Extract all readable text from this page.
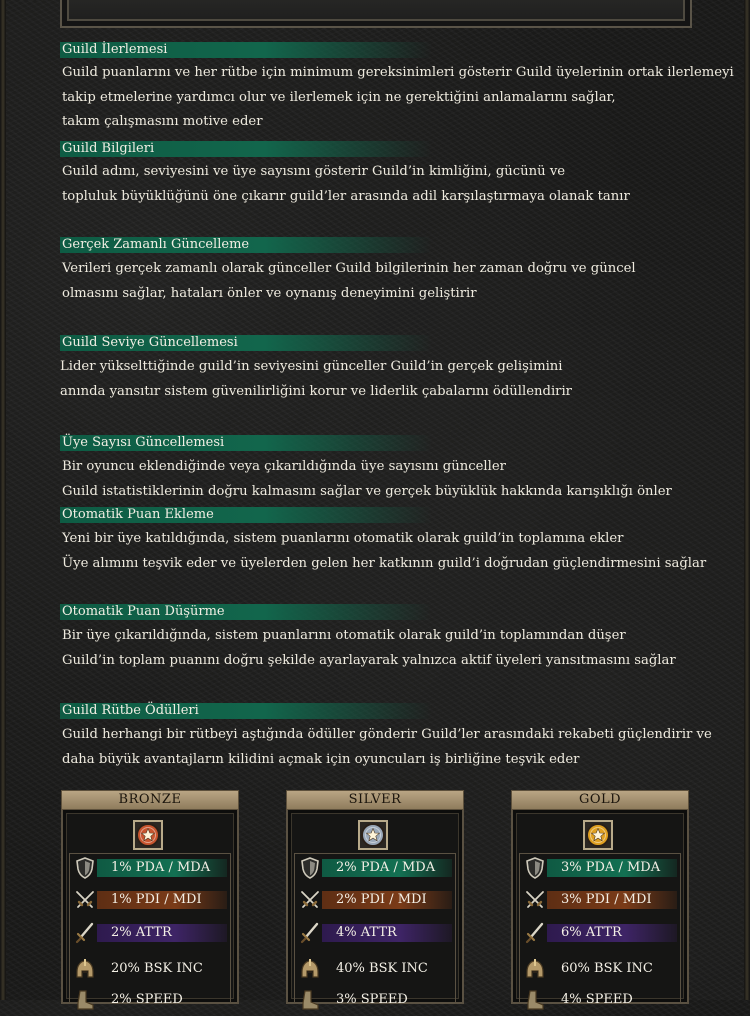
Guild İlerlemesi
Guild puanlarını ve her rütbe için minimum gereksinimleri gösterir Guild üyelerinin ortak ilerlemeyi
takip etmelerine yardımcı olur ve ilerlemek için ne gerektiğini anlamalarını sağlar,
takım çalışmasını motive eder
Guild Bilgileri
Guild adını, seviyesini ve üye sayısını gösterir Guild’in kimliğini, gücünü ve
topluluk büyüklüğünü öne çıkarır guild’ler arasında adil karşılaştırmaya olanak tanır
Gerçek Zamanlı Güncelleme
Verileri gerçek zamanlı olarak günceller Guild bilgilerinin her zaman doğru ve güncel
olmasını sağlar, hataları önler ve oynanış deneyimini geliştirir
Guild Seviye Güncellemesi
Lider yükselttiğinde guild’in seviyesini günceller Guild’in gerçek gelişimini
anında yansıtır sistem güvenilirliğini korur ve liderlik çabalarını ödüllendirir
Üye Sayısı Güncellemesi
Bir oyuncu eklendiğinde veya çıkarıldığında üye sayısını günceller
Guild istatistiklerinin doğru kalmasını sağlar ve gerçek büyüklük hakkında karışıklığı önler
Otomatik Puan Ekleme
Yeni bir üye katıldığında, sistem puanlarını otomatik olarak guild’in toplamına ekler
Üye alımını teşvik eder ve üyelerden gelen her katkının guild’i doğrudan güçlendirmesini sağlar
Otomatik Puan Düşürme
Bir üye çıkarıldığında, sistem puanlarını otomatik olarak guild’in toplamından düşer
Guild’in toplam puanını doğru şekilde ayarlayarak yalnızca aktif üyeleri yansıtmasını sağlar
Guild Rütbe Ödülleri
Guild herhangi bir rütbeyi aştığında ödüller gönderir Guild’ler arasındaki rekabeti güçlendirir ve
daha büyük avantajların kilidini açmak için oyuncuları iş birliğine teşvik eder
BRONZE
1% PDA / MDA
1% PDI / MDI
2% ATTR
20% BSK INC
2% SPEED
SILVER
2% PDA / MDA
2% PDI / MDI
4% ATTR
40% BSK INC
3% SPEED
GOLD
3% PDA / MDA
3% PDI / MDI
6% ATTR
60% BSK INC
4% SPEED
